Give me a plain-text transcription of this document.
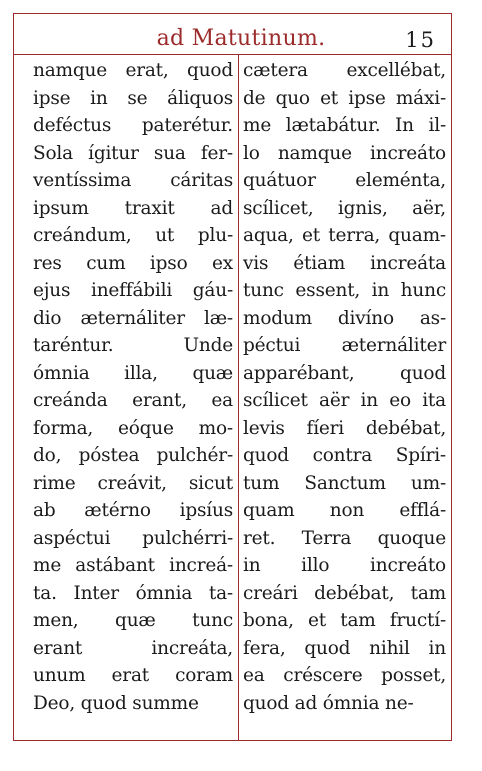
ad Matutinum.	15
namque erat, quod
ipse in se áliquos
deféctus paterétur.
Sola ígitur sua fer-
ventíssima cáritas
ipsum traxit ad
creándum, ut plu-
res cum ipso ex
ejus ineffábili gáu-
dio æternáliter læ-
taréntur. Unde
ómnia illa, quæ
creánda erant, ea
forma, eóque mo-
do, póstea pulchér-
rime creávit, sicut
ab ætérno ipsíus
aspéctui pulchérri-
me astábant increá-
ta. Inter ómnia ta-
men, quæ tunc
erant increáta,
unum erat coram
Deo, quod summe
cætera excellébat,
de quo et ipse máxi-
me lætabátur. In il-
lo namque increáto
quátuor eleménta,
scílicet, ignis, aër,
aqua, et terra, quam-
vis étiam increáta
tunc essent, in hunc
modum divíno as-
péctui æternáliter
apparébant, quod
scílicet aër in eo ita
levis fíeri debébat,
quod contra Spíri-
tum Sanctum um-
quam non efflá-
ret. Terra quoque
in illo increáto
creári debébat, tam
bona, et tam fructí-
fera, quod nihil in
ea créscere posset,
quod ad ómnia ne-
